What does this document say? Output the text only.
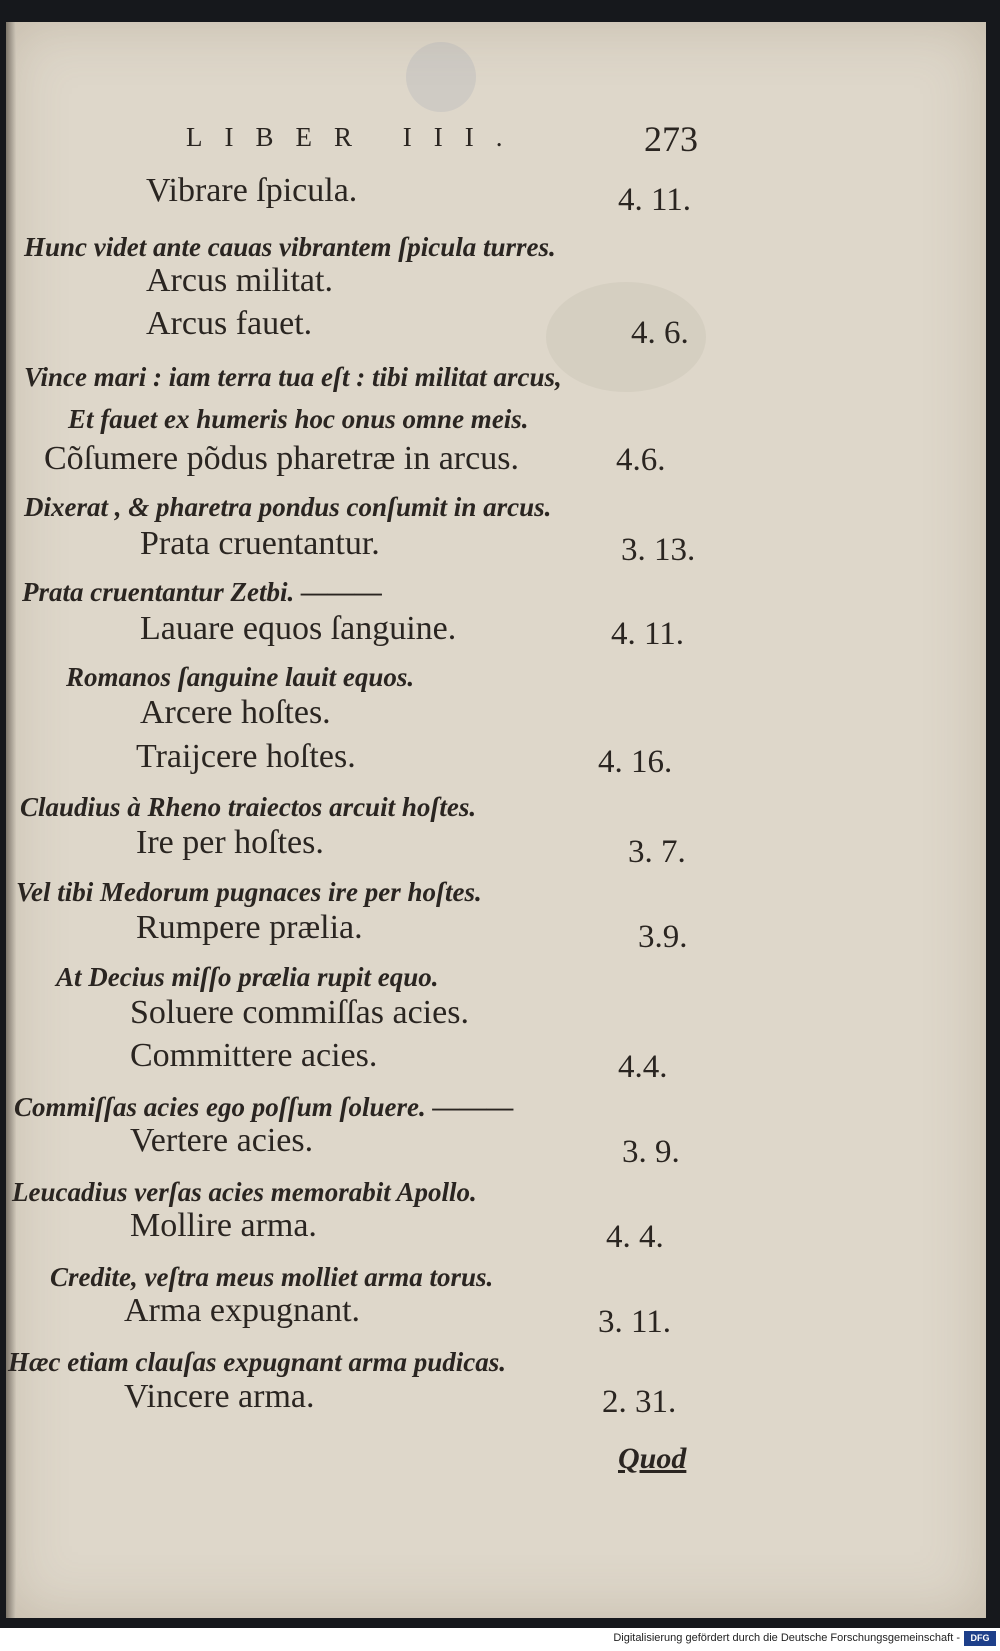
LIBER III.	273
Vibrare ſpicula.	4. 11.
Hunc videt ante cauas vibrantem ſpicula turres.
Arcus militat.
Arcus fauet.	4. 6.
Vince mari : iam terra tua eſt : tibi militat arcus,
Et fauet ex humeris hoc onus omne meis.
Cõſumere põdus pharetræ in arcus.	4.6.
Dixerat , & pharetra pondus conſumit in arcus.
Prata cruentantur.	3. 13.
Prata cruentantur Zetbi. ———
Lauare equos ſanguine.	4. 11.
Romanos ſanguine lauit equos.
Arcere hoſtes.
Traijcere hoſtes.	4. 16.
Claudius à Rheno traiectos arcuit hoſtes.
Ire per hoſtes.	3. 7.
Vel tibi Medorum pugnaces ire per hoſtes.
Rumpere prælia.	3.9.
At Decius miſſo prælia rupit equo.
Soluere commiſſas acies.
Committere acies.	4.4.
Commiſſas acies ego poſſum ſoluere. ———
Vertere acies.	3. 9.
Leucadius verſas acies memorabit Apollo.
Mollire arma.	4. 4.
Credite, veſtra meus molliet arma torus.
Arma expugnant.	3. 11.
Hæc etiam clauſas expugnant arma pudicas.
Vincere arma.	2. 31.
Quod
Digitalisierung gefördert durch die Deutsche Forschungsgemeinschaft -	DFG
